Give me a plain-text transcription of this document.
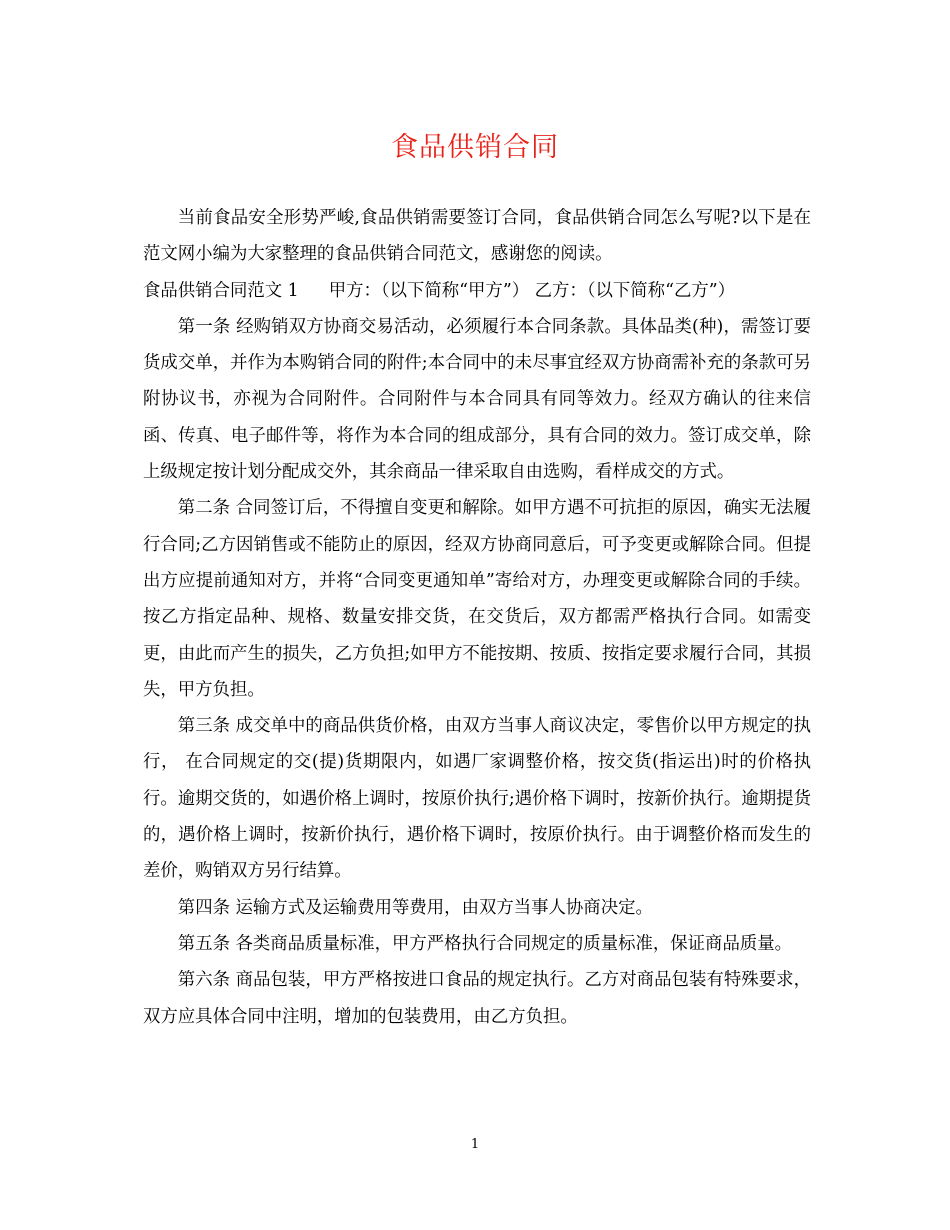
食品供销合同

当前食品安全形势严峻,食品供销需要签订合同，食品供销合同怎么写呢?以下是在范文网小编为大家整理的食品供销合同范文，感谢您的阅读。

食品供销合同范文 1 甲方：（以下简称“甲方”） 乙方：（以下简称“乙方”）

第一条 经购销双方协商交易活动，必须履行本合同条款。具体品类(种)，需签订要货成交单，并作为本购销合同的附件;本合同中的未尽事宜经双方协商需补充的条款可另附协议书，亦视为合同附件。合同附件与本合同具有同等效力。经双方确认的往来信函、传真、电子邮件等，将作为本合同的组成部分，具有合同的效力。签订成交单，除上级规定按计划分配成交外，其余商品一律采取自由选购，看样成交的方式。

第二条 合同签订后，不得擅自变更和解除。如甲方遇不可抗拒的原因，确实无法履行合同;乙方因销售或不能防止的原因，经双方协商同意后，可予变更或解除合同。但提出方应提前通知对方，并将“合同变更通知单”寄给对方，办理变更或解除合同的手续。按乙方指定品种、规格、数量安排交货，在交货后，双方都需严格执行合同。如需变更，由此而产生的损失，乙方负担;如甲方不能按期、按质、按指定要求履行合同，其损失，甲方负担。

第三条 成交单中的商品供货价格，由双方当事人商议决定，零售价以甲方规定的执行， 在合同规定的交(提)货期限内，如遇厂家调整价格，按交货(指运出)时的价格执行。逾期交货的，如遇价格上调时，按原价执行;遇价格下调时，按新价执行。逾期提货的，遇价格上调时，按新价执行，遇价格下调时，按原价执行。由于调整价格而发生的差价，购销双方另行结算。

第四条 运输方式及运输费用等费用，由双方当事人协商决定。

第五条 各类商品质量标准，甲方严格执行合同规定的质量标准，保证商品质量。

第六条 商品包装，甲方严格按进口食品的规定执行。乙方对商品包装有特殊要求，双方应具体合同中注明，增加的包装费用，由乙方负担。

1
